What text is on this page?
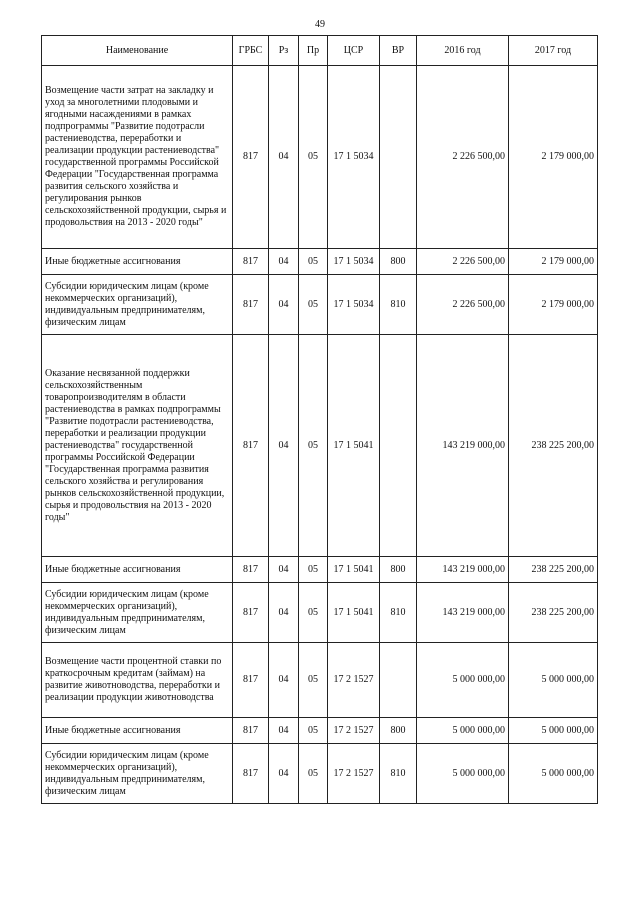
49
Наименование	ГРБС	Рз	Пр	ЦСР	ВР	2016 год	2017 год
Возмещение части затрат на закладку и уход за многолетними плодовыми и ягодными насаждениями в рамках подпрограммы "Развитие подотрасли растениеводства, переработки и реализации продукции растениеводства" государственной программы Российской Федерации "Государственная программа развития сельского хозяйства и регулирования рынков сельскохозяйственной продукции, сырья и продовольствия на 2013 - 2020 годы"	817	04	05	17 1 5034		2 226 500,00	2 179 000,00
Иные бюджетные ассигнования	817	04	05	17 1 5034	800	2 226 500,00	2 179 000,00
Субсидии юридическим лицам (кроме некоммерческих организаций), индивидуальным предпринимателям, физическим лицам	817	04	05	17 1 5034	810	2 226 500,00	2 179 000,00
Оказание несвязанной поддержки сельскохозяйственным товаропроизводителям в области растениеводства в рамках подпрограммы "Развитие подотрасли растениеводства, переработки и реализации продукции растениеводства" государственной программы Российской Федерации "Государственная программа развития сельского хозяйства и регулирования рынков сельскохозяйственной продукции, сырья и продовольствия на 2013 - 2020 годы"	817	04	05	17 1 5041		143 219 000,00	238 225 200,00
Иные бюджетные ассигнования	817	04	05	17 1 5041	800	143 219 000,00	238 225 200,00
Субсидии юридическим лицам (кроме некоммерческих организаций), индивидуальным предпринимателям, физическим лицам	817	04	05	17 1 5041	810	143 219 000,00	238 225 200,00
Возмещение части процентной ставки по краткосрочным кредитам (займам) на развитие животноводства, переработки и реализации продукции животноводства	817	04	05	17 2 1527		5 000 000,00	5 000 000,00
Иные бюджетные ассигнования	817	04	05	17 2 1527	800	5 000 000,00	5 000 000,00
Субсидии юридическим лицам (кроме некоммерческих организаций), индивидуальным предпринимателям, физическим лицам	817	04	05	17 2 1527	810	5 000 000,00	5 000 000,00
